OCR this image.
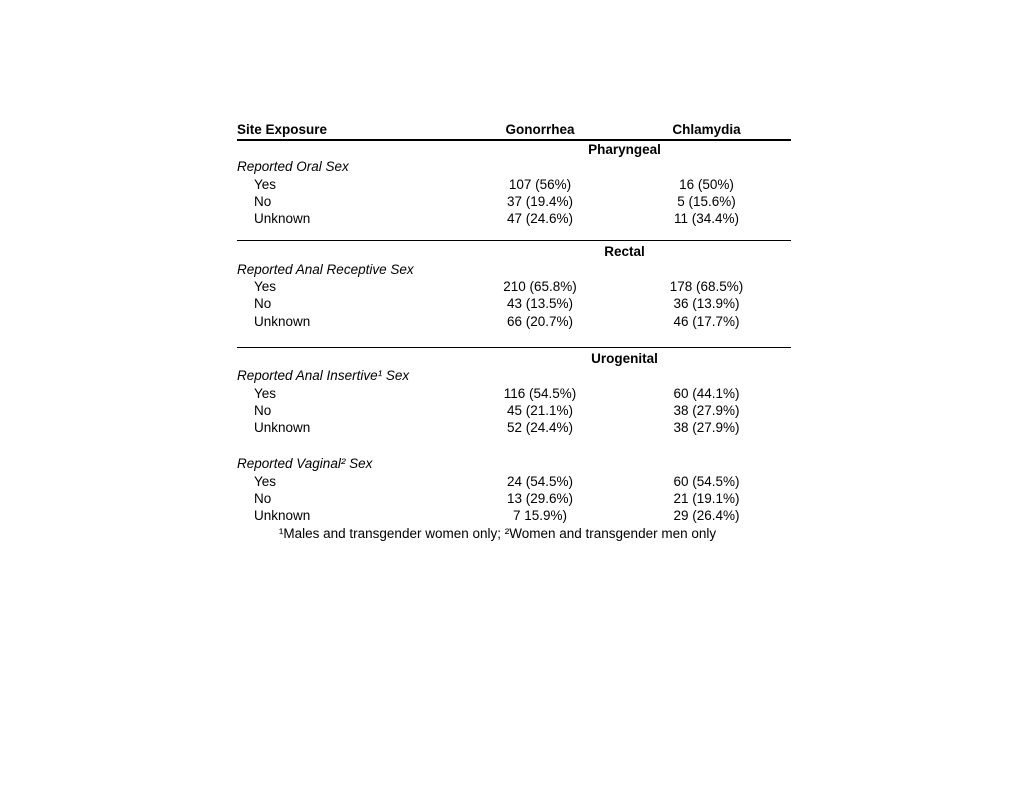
Site Exposure	Gonorrhea	Chlamydia
Pharyngeal
Reported Oral Sex
Yes	107 (56%)	16 (50%)
No	37 (19.4%)	5 (15.6%)
Unknown	47 (24.6%)	11 (34.4%)
Rectal
Reported Anal Receptive Sex
Yes	210 (65.8%)	178 (68.5%)
No	43 (13.5%)	36 (13.9%)
Unknown	66 (20.7%)	46 (17.7%)
Urogenital
Reported Anal Insertive¹ Sex
Yes	116 (54.5%)	60 (44.1%)
No	45 (21.1%)	38 (27.9%)
Unknown	52 (24.4%)	38 (27.9%)
Reported Vaginal² Sex
Yes	24 (54.5%)	60 (54.5%)
No	13 (29.6%)	21 (19.1%)
Unknown	7 15.9%)	29 (26.4%)
¹Males and transgender women only; ²Women and transgender men only
